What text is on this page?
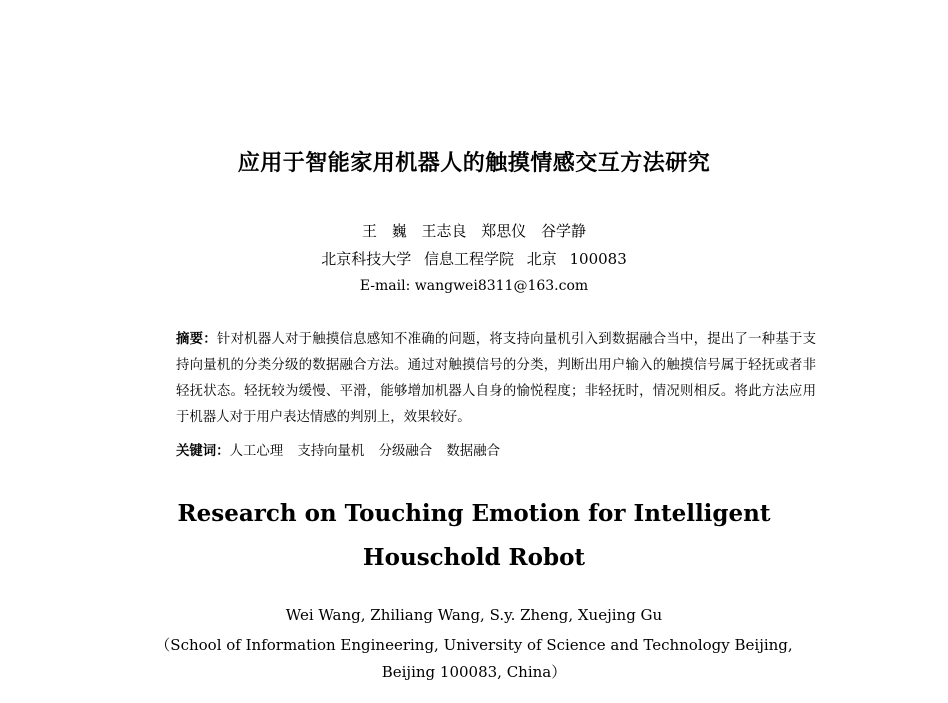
应用于智能家用机器人的触摸情感交互方法研究
王 巍 王志良 郑思仪 谷学静
北京科技大学 信息工程学院 北京 100083
E-mail: wangwei8311@163.com
摘要：针对机器人对于触摸信息感知不准确的问题，将支持向量机引入到数据融合当中，提出了一种基于支持向量机的分类分级的数据融合方法。通过对触摸信号的分类，判断出用户输入的触摸信号属于轻抚或者非轻抚状态。轻抚较为缓慢、平滑，能够增加机器人自身的愉悦程度；非轻抚时，情况则相反。将此方法应用于机器人对于用户表达情感的判别上，效果较好。
关键词：人工心理 支持向量机 分级融合 数据融合
Research on Touching Emotion for Intelligent
Houschold Robot
Wei Wang, Zhiliang Wang, S.y. Zheng, Xuejing Gu
（School of Information Engineering, University of Science and Technology Beijing,
Beijing 100083, China）
